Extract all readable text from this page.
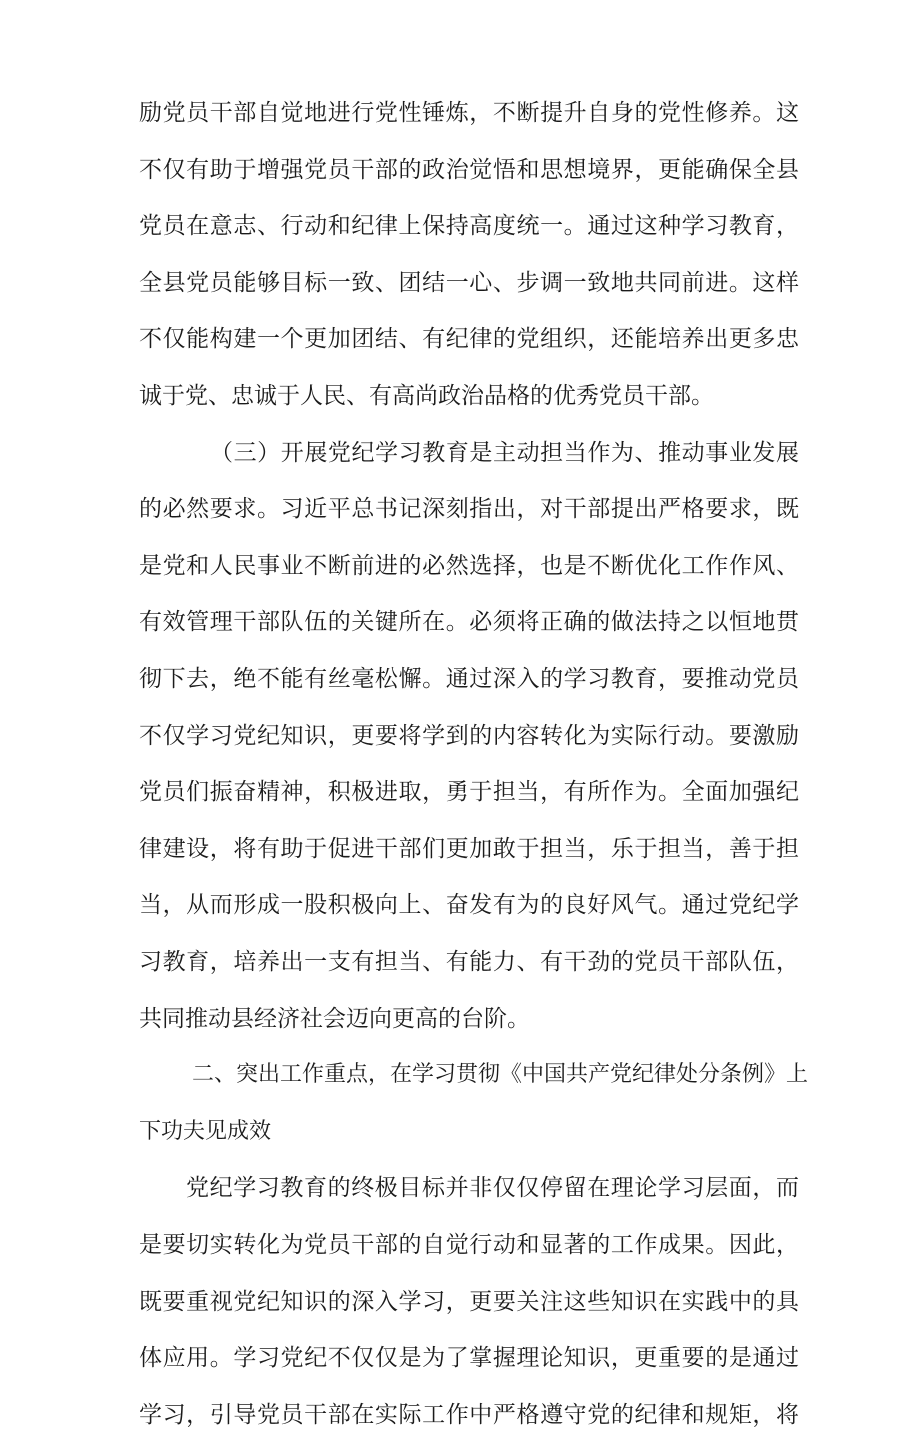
励党员干部自觉地进行党性锤炼，不断提升自身的党性修养。这
不仅有助于增强党员干部的政治觉悟和思想境界，更能确保全县
党员在意志、行动和纪律上保持高度统一。通过这种学习教育，
全县党员能够目标一致、团结一心、步调一致地共同前进。这样
不仅能构建一个更加团结、有纪律的党组织，还能培养出更多忠
诚于党、忠诚于人民、有高尚政治品格的优秀党员干部。
（三）开展党纪学习教育是主动担当作为、推动事业发展
的必然要求。习近平总书记深刻指出，对干部提出严格要求，既
是党和人民事业不断前进的必然选择，也是不断优化工作作风、
有效管理干部队伍的关键所在。必须将正确的做法持之以恒地贯
彻下去，绝不能有丝毫松懈。通过深入的学习教育，要推动党员
不仅学习党纪知识，更要将学到的内容转化为实际行动。要激励
党员们振奋精神，积极进取，勇于担当，有所作为。全面加强纪
律建设，将有助于促进干部们更加敢于担当，乐于担当，善于担
当，从而形成一股积极向上、奋发有为的良好风气。通过党纪学
习教育，培养出一支有担当、有能力、有干劲的党员干部队伍，
共同推动县经济社会迈向更高的台阶。
二、突出工作重点，在学习贯彻《中国共产党纪律处分条例》上
下功夫见成效
党纪学习教育的终极目标并非仅仅停留在理论学习层面，而
是要切实转化为党员干部的自觉行动和显著的工作成果。因此，
既要重视党纪知识的深入学习，更要关注这些知识在实践中的具
体应用。学习党纪不仅仅是为了掌握理论知识，更重要的是通过
学习，引导党员干部在实际工作中严格遵守党的纪律和规矩，将
